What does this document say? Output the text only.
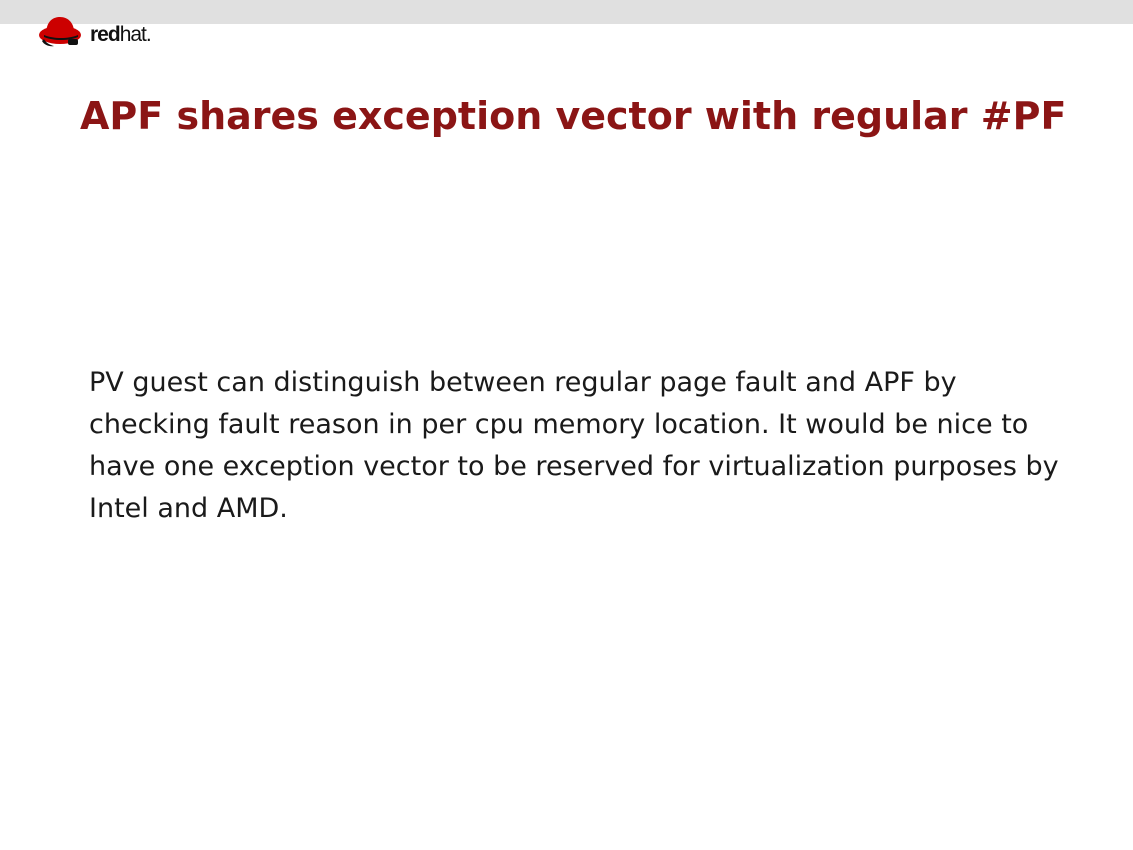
redhat.
APF shares exception vector with regular #PF

PV guest can distinguish between regular page fault and APF by checking fault reason in per cpu memory location. It would be nice to have one exception vector to be reserved for virtualization purposes by Intel and AMD.
